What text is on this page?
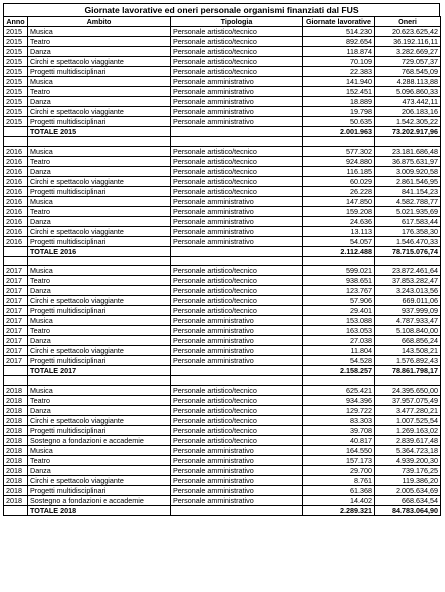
Giornate lavorative ed oneri personale organismi finanziati dal FUS
Anno	Ambito	Tipologia	Giornate lavorative	Oneri
2015	Musica	Personale artistico/tecnico	514.230	20.623.625,42
2015	Teatro	Personale artistico/tecnico	892.654	36.192.116,11
2015	Danza	Personale artistico/tecnico	118.874	3.282.669,27
2015	Circhi e spettacolo viaggiante	Personale artistico/tecnico	70.109	729.057,37
2015	Progetti multidisciplinari	Personale artistico/tecnico	22.383	768.545,09
2015	Musica	Personale amministrativo	141.940	4.288.113,88
2015	Teatro	Personale amministrativo	152.451	5.096.860,33
2015	Danza	Personale amministrativo	18.889	473.442,11
2015	Circhi e spettacolo viaggiante	Personale amministrativo	19.798	206.183,16
2015	Progetti multidisciplinari	Personale amministrativo	50.635	1.542.305,22
	TOTALE 2015		2.001.963	73.202.917,96

2016	Musica	Personale artistico/tecnico	577.302	23.181.686,48
2016	Teatro	Personale artistico/tecnico	924.880	36.875.631,97
2016	Danza	Personale artistico/tecnico	116.185	3.009.920,58
2016	Circhi e spettacolo viaggiante	Personale artistico/tecnico	60.029	2.861.546,95
2016	Progetti multidisciplinari	Personale artistico/tecnico	26.228	841.154,23
2016	Musica	Personale amministrativo	147.850	4.582.788,77
2016	Teatro	Personale amministrativo	159.208	5.021.935,69
2016	Danza	Personale amministrativo	24.636	617.583,44
2016	Circhi e spettacolo viaggiante	Personale amministrativo	13.113	176.358,30
2016	Progetti multidisciplinari	Personale amministrativo	54.057	1.546.470,33
	TOTALE 2016		2.112.488	78.715.076,74

2017	Musica	Personale artistico/tecnico	599.021	23.872.461,64
2017	Teatro	Personale artistico/tecnico	938.651	37.853.282,47
2017	Danza	Personale artistico/tecnico	123.767	3.243.013,56
2017	Circhi e spettacolo viaggiante	Personale artistico/tecnico	57.906	669.011,06
2017	Progetti multidisciplinari	Personale artistico/tecnico	29.401	937.999,09
2017	Musica	Personale amministrativo	153.088	4.787.933,47
2017	Teatro	Personale amministrativo	163.053	5.108.840,00
2017	Danza	Personale amministrativo	27.038	668.856,24
2017	Circhi e spettacolo viaggiante	Personale amministrativo	11.804	143.508,21
2017	Progetti multidisciplinari	Personale amministrativo	54.528	1.576.892,43
	TOTALE 2017		2.158.257	78.861.798,17

2018	Musica	Personale artistico/tecnico	625.421	24.395.650,00
2018	Teatro	Personale artistico/tecnico	934.396	37.957.075,49
2018	Danza	Personale artistico/tecnico	129.722	3.477.280,21
2018	Circhi e spettacolo viaggiante	Personale artistico/tecnico	83.303	1.007.525,54
2018	Progetti multidisciplinari	Personale artistico/tecnico	39.708	1.269.163,02
2018	Sostegno a fondazioni e accademie	Personale artistico/tecnico	40.817	2.839.617,48
2018	Musica	Personale amministrativo	164.550	5.364.723,18
2018	Teatro	Personale amministrativo	157.173	4.939.200,30
2018	Danza	Personale amministrativo	29.700	739.176,25
2018	Circhi e spettacolo viaggiante	Personale amministrativo	8.761	119.386,20
2018	Progetti multidisciplinari	Personale amministrativo	61.368	2.005.634,69
2018	Sostegno a fondazioni e accademie	Personale amministrativo	14.402	668.634,54
	TOTALE 2018		2.289.321	84.783.064,90
